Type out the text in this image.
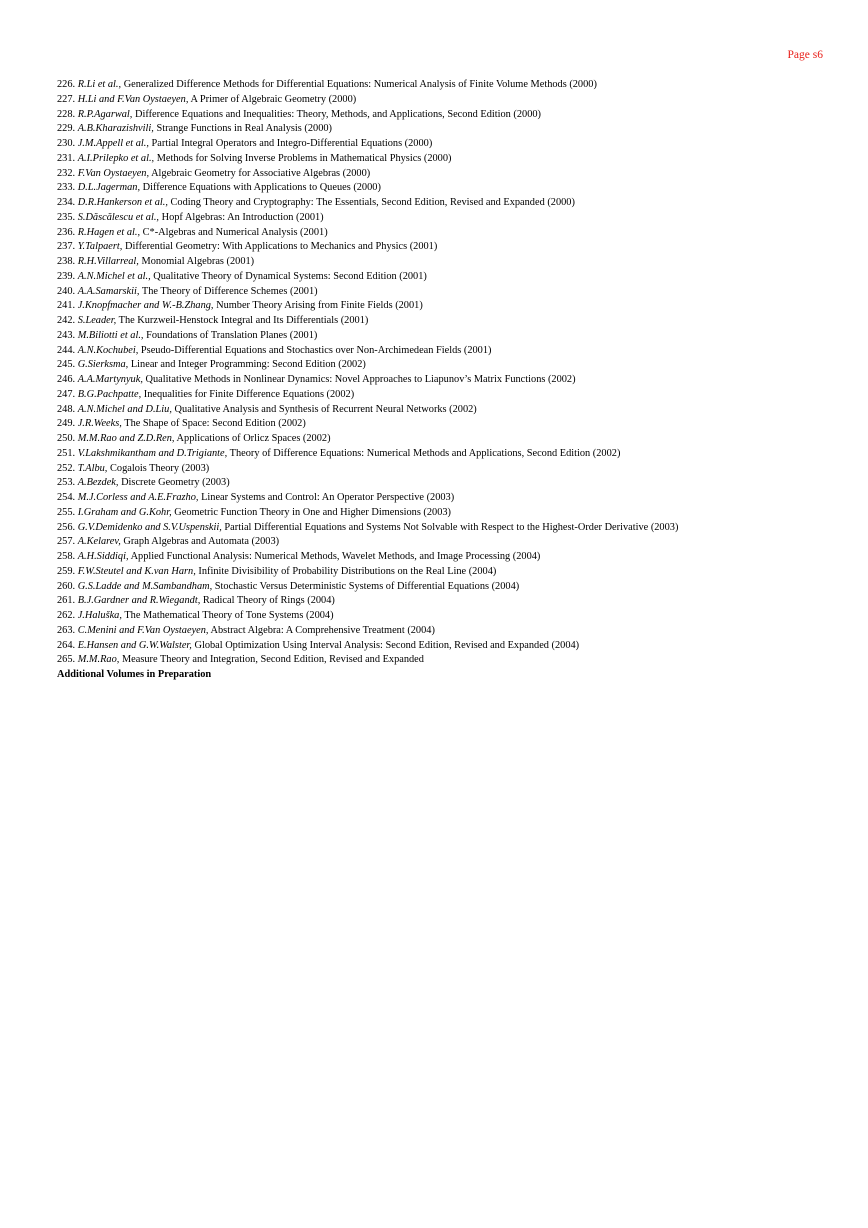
Page s6
226. R.Li et al., Generalized Difference Methods for Differential Equations: Numerical Analysis of Finite Volume Methods (2000)
227. H.Li and F.Van Oystaeyen, A Primer of Algebraic Geometry (2000)
228. R.P.Agarwal, Difference Equations and Inequalities: Theory, Methods, and Applications, Second Edition (2000)
229. A.B.Kharazishvili, Strange Functions in Real Analysis (2000)
230. J.M.Appell et al., Partial Integral Operators and Integro-Differential Equations (2000)
231. A.I.Prilepko et al., Methods for Solving Inverse Problems in Mathematical Physics (2000)
232. F.Van Oystaeyen, Algebraic Geometry for Associative Algebras (2000)
233. D.L.Jagerman, Difference Equations with Applications to Queues (2000)
234. D.R.Hankerson et al., Coding Theory and Cryptography: The Essentials, Second Edition, Revised and Expanded (2000)
235. S.Dăscălescu et al., Hopf Algebras: An Introduction (2001)
236. R.Hagen et al., C*-Algebras and Numerical Analysis (2001)
237. Y.Talpaert, Differential Geometry: With Applications to Mechanics and Physics (2001)
238. R.H.Villarreal, Monomial Algebras (2001)
239. A.N.Michel et al., Qualitative Theory of Dynamical Systems: Second Edition (2001)
240. A.A.Samarskii, The Theory of Difference Schemes (2001)
241. J.Knopfmacher and W.-B.Zhang, Number Theory Arising from Finite Fields (2001)
242. S.Leader, The Kurzweil-Henstock Integral and Its Differentials (2001)
243. M.Biliotti et al., Foundations of Translation Planes (2001)
244. A.N.Kochubei, Pseudo-Differential Equations and Stochastics over Non-Archimedean Fields (2001)
245. G.Sierksma, Linear and Integer Programming: Second Edition (2002)
246. A.A.Martynyuk, Qualitative Methods in Nonlinear Dynamics: Novel Approaches to Liapunov’s Matrix Functions (2002)
247. B.G.Pachpatte, Inequalities for Finite Difference Equations (2002)
248. A.N.Michel and D.Liu, Qualitative Analysis and Synthesis of Recurrent Neural Networks (2002)
249. J.R.Weeks, The Shape of Space: Second Edition (2002)
250. M.M.Rao and Z.D.Ren, Applications of Orlicz Spaces (2002)
251. V.Lakshmikantham and D.Trigiante, Theory of Difference Equations: Numerical Methods and Applications, Second Edition (2002)
252. T.Albu, Cogalois Theory (2003)
253. A.Bezdek, Discrete Geometry (2003)
254. M.J.Corless and A.E.Frazho, Linear Systems and Control: An Operator Perspective (2003)
255. I.Graham and G.Kohr, Geometric Function Theory in One and Higher Dimensions (2003)
256. G.V.Demidenko and S.V.Uspenskii, Partial Differential Equations and Systems Not Solvable with Respect to the Highest-Order Derivative (2003)
257. A.Kelarev, Graph Algebras and Automata (2003)
258. A.H.Siddiqi, Applied Functional Analysis: Numerical Methods, Wavelet Methods, and Image Processing (2004)
259. F.W.Steutel and K.van Harn, Infinite Divisibility of Probability Distributions on the Real Line (2004)
260. G.S.Ladde and M.Sambandham, Stochastic Versus Deterministic Systems of Differential Equations (2004)
261. B.J.Gardner and R.Wiegandt, Radical Theory of Rings (2004)
262. J.Haluška, The Mathematical Theory of Tone Systems (2004)
263. C.Menini and F.Van Oystaeyen, Abstract Algebra: A Comprehensive Treatment (2004)
264. E.Hansen and G.W.Walster, Global Optimization Using Interval Analysis: Second Edition, Revised and Expanded (2004)
265. M.M.Rao, Measure Theory and Integration, Second Edition, Revised and Expanded
Additional Volumes in Preparation
